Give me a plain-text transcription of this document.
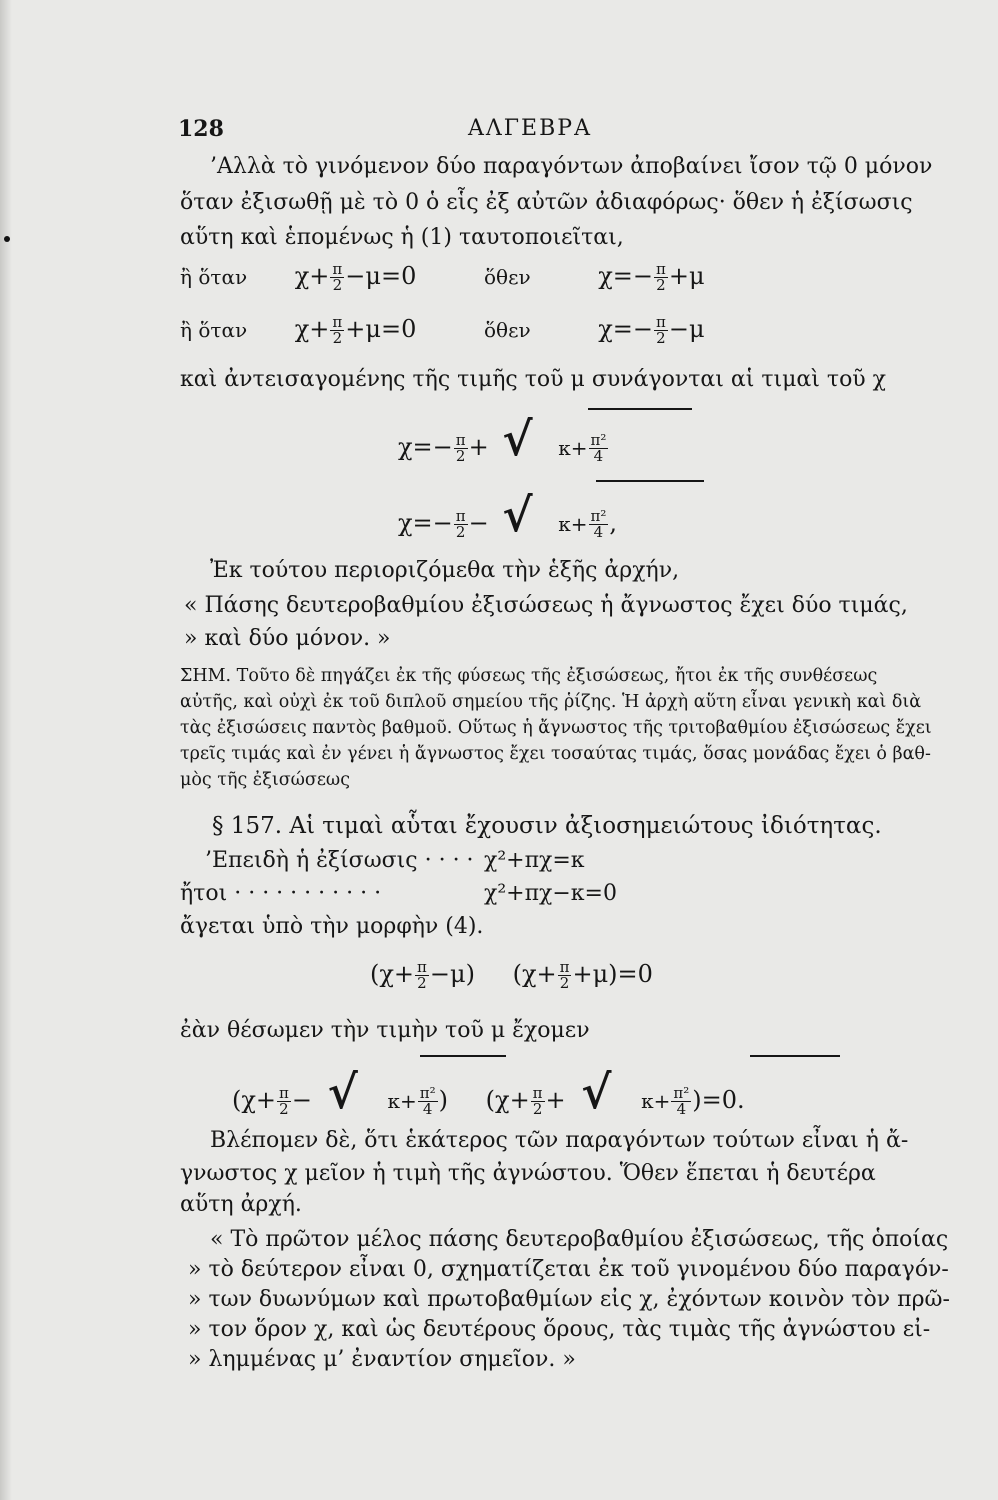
128	ΑΛΓΕΒΡΑ
’Αλλὰ τὸ γινόμενον δύο παραγόντων ἀποβαίνει ἴσον τῷ 0 μόνον
ὅταν ἐξισωθῇ μὲ τὸ 0 ὁ εἷς ἐξ αὐτῶν ἀδιαφόρως· ὅθεν ἡ ἐξίσωσις
αὕτη καὶ ἑπομένως ἡ (1) ταυτοποιεῖται,
ἢ ὅταν $\chi+ \frac{\pi}{2} -\mu=0$	ὅθεν	$\chi=- \frac{\pi}{2} +\mu$
ἢ ὅταν $\chi+ \frac{\pi}{2} +\mu=0$	ὅθεν	$\chi=- \frac{\pi}{2} -\mu$
καὶ ἀντεισαγομένης τῆς τιμῆς τοῦ μ συνάγονται αἱ τιμαὶ τοῦ χ
$\chi=- \frac{\pi}{2}$ + √ $\kappa+ \frac{\text{π²}}{4}$
$\chi=- \frac{\pi}{2}$ − √ $\kappa+ \frac{\text{π²}}{4}$ ,
Ἐκ τούτου περιοριζόμεθα τὴν ἑξῆς ἀρχήν,
« Πάσης δευτεροβαθμίου ἐξισώσεως ἡ ἄγνωστος ἔχει δύο τιμάς,
» καὶ δύο μόνον. »
ΣΗΜ. Τοῦτο δὲ πηγάζει ἐκ τῆς φύσεως τῆς ἐξισώσεως, ἤτοι ἐκ τῆς συνθέσεως
αὐτῆς, καὶ οὐχὶ ἐκ τοῦ διπλοῦ σημείου τῆς ῥίζης. Ἡ ἀρχὴ αὕτη εἶναι γενικὴ καὶ διὰ
τὰς ἐξισώσεις παντὸς βαθμοῦ. Οὕτως ἡ ἄγνωστος τῆς τριτοβαθμίου ἐξισώσεως ἔχει
τρεῖς τιμάς καὶ ἐν γένει ἡ ἄγνωστος ἔχει τοσαύτας τιμάς, ὅσας μονάδας ἔχει ὁ βαθ-
μὸς τῆς ἐξισώσεως
§ 157. Αἱ τιμαὶ αὗται ἔχουσιν ἀξιοσημειώτους ἰδιότητας.
’Επειδὴ ἡ ἐξίσωσις · · · · χ²+πχ=κ
ἤτοι · · · · · · · · · · ·	χ²+πχ−κ=0
ἄγεται ὑπὸ τὴν μορφὴν (4).
$(\chi+ \frac{\pi}{2} -\mu)$ $(\chi+ \frac{\pi}{2} +\mu)=0$
ἐὰν θέσωμεν τὴν τιμὴν τοῦ μ ἔχομεν
($\chi+ \frac{\pi}{2}$ − √ $\kappa+ \frac{\text{π²}}{4}$ ) ($\chi+ \frac{\pi}{2}$ + √ $\kappa+ \frac{\text{π²}}{4} )=0$.
Βλέπομεν δὲ, ὅτι ἑκάτερος τῶν παραγόντων τούτων εἶναι ἡ ἄ-
γνωστος χ μεῖον ἡ τιμὴ τῆς ἀγνώστου. Ὅθεν ἕπεται ἡ δευτέρα
αὕτη ἀρχή.
« Τὸ πρῶτον μέλος πάσης δευτεροβαθμίου ἐξισώσεως, τῆς ὁποίας
» τὸ δεύτερον εἶναι 0, σχηματίζεται ἐκ τοῦ γινομένου δύο παραγόν-
» των δυωνύμων καὶ πρωτοβαθμίων εἰς χ, ἐχόντων κοινὸν τὸν πρῶ-
» τον ὅρον χ, καὶ ὡς δευτέρους ὅρους, τὰς τιμὰς τῆς ἀγνώστου εἰ-
» λημμένας μ’ ἐναντίον σημεῖον. »
